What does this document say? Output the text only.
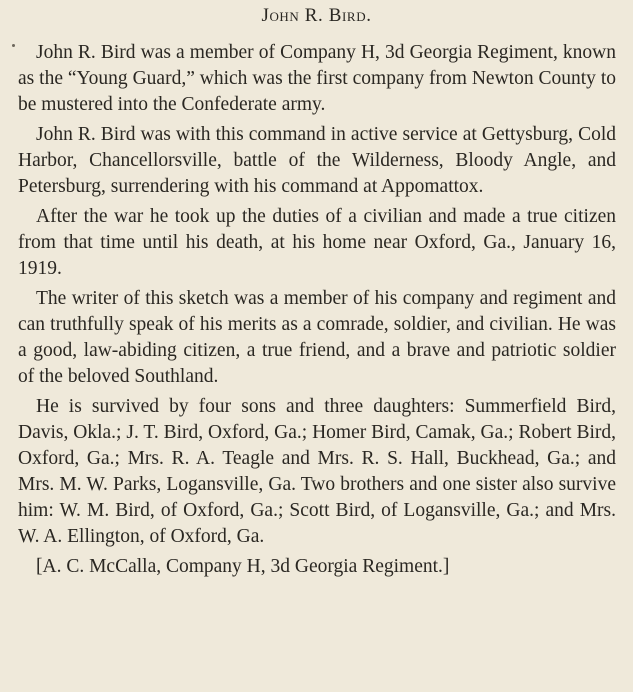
John R. Bird.

John R. Bird was a member of Company H, 3d Georgia Regiment, known as the “Young Guard,” which was the first company from Newton County to be mustered into the Confederate army.

John R. Bird was with this command in active service at Gettysburg, Cold Harbor, Chancellorsville, battle of the Wilderness, Bloody Angle, and Petersburg, surrendering with his command at Appomattox.

After the war he took up the duties of a civilian and made a true citizen from that time until his death, at his home near Oxford, Ga., January 16, 1919.

The writer of this sketch was a member of his company and regiment and can truthfully speak of his merits as a comrade, soldier, and civilian. He was a good, law-abiding citizen, a true friend, and a brave and patriotic soldier of the beloved Southland.

He is survived by four sons and three daughters: Summerfield Bird, Davis, Okla.; J. T. Bird, Oxford, Ga.; Homer Bird, Camak, Ga.; Robert Bird, Oxford, Ga.; Mrs. R. A. Teagle and Mrs. R. S. Hall, Buckhead, Ga.; and Mrs. M. W. Parks, Logansville, Ga. Two brothers and one sister also survive him: W. M. Bird, of Oxford, Ga.; Scott Bird, of Logansville, Ga.; and Mrs. W. A. Ellington, of Oxford, Ga.

[A. C. McCalla, Company H, 3d Georgia Regiment.]
